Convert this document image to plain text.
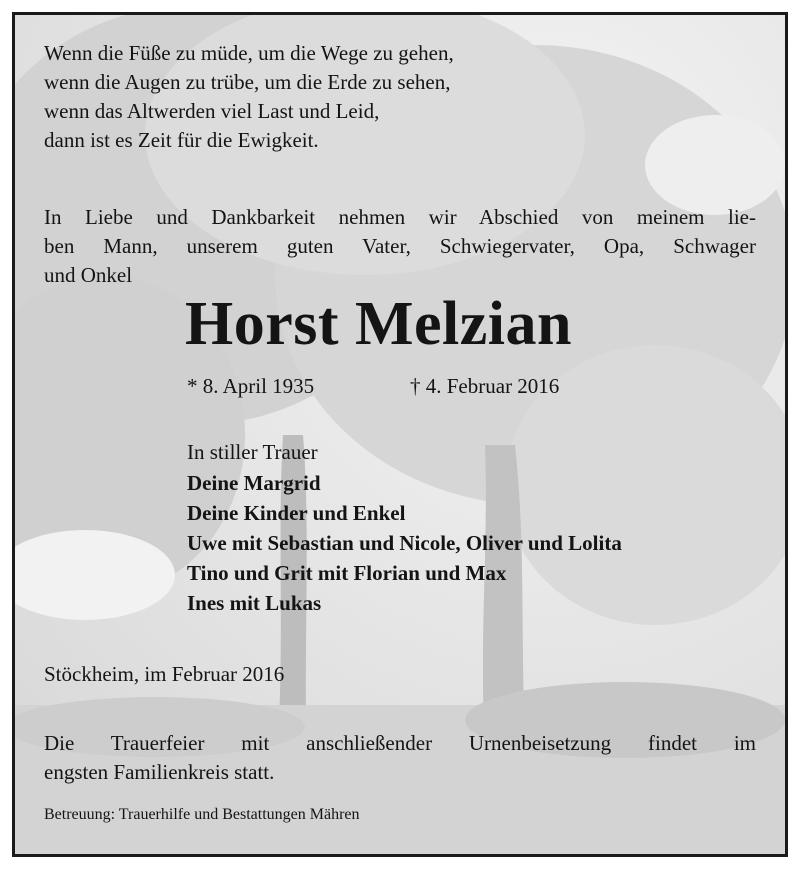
Wenn die Füße zu müde, um die Wege zu gehen,
wenn die Augen zu trübe, um die Erde zu sehen,
wenn das Altwerden viel Last und Leid,
dann ist es Zeit für die Ewigkeit.
In Liebe und Dankbarkeit nehmen wir Abschied von meinem lie-
ben Mann, unserem guten Vater, Schwiegervater, Opa, Schwager
und Onkel
Horst Melzian
* 8. April 1935	† 4. Februar 2016
In stiller Trauer
Deine Margrid
Deine Kinder und Enkel
Uwe mit Sebastian und Nicole, Oliver und Lolita
Tino und Grit mit Florian und Max
Ines mit Lukas
Stöckheim, im Februar 2016
Die Trauerfeier mit anschließender Urnenbeisetzung findet im
engsten Familienkreis statt.
Betreuung: Trauerhilfe und Bestattungen Mähren
